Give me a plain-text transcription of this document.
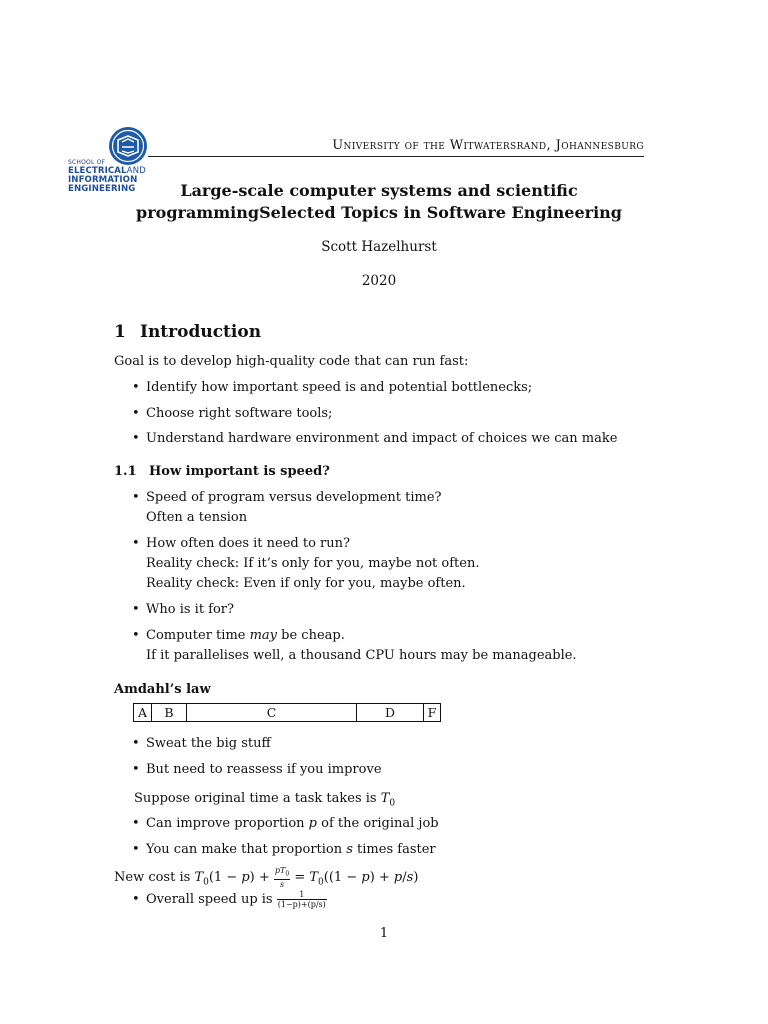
SCHOOL OF
ELECTRICALAND
INFORMATION
ENGINEERING
University of the Witwatersrand, Johannesburg
Large-scale computer systems and scientific
programmingSelected Topics in Software Engineering
Scott Hazelhurst
2020
1 Introduction
Goal is to develop high-quality code that can run fast:
• Identify how important speed is and potential bottlenecks;
• Choose right software tools;
• Understand hardware environment and impact of choices we can make
1.1 How important is speed?
• Speed of program versus development time?
Often a tension
• How often does it need to run?
Reality check: If it’s only for you, maybe not often.
Reality check: Even if only for you, maybe often.
• Who is it for?
• Computer time may be cheap.
If it parallelises well, a thousand CPU hours may be manageable.
Amdahl’s law
A	B	C	D	F
• Sweat the big stuff
• But need to reassess if you improve
Suppose original time a task takes is $T_0$
• Can improve proportion p of the original job
• You can make that proportion s times faster
New cost is $T_0(1 - p) + \frac{pT_0}{s} = T_0((1 - p) + p/s)$
• Overall speed up is $\frac{1}{(1-p)+(p/s)}$
1
